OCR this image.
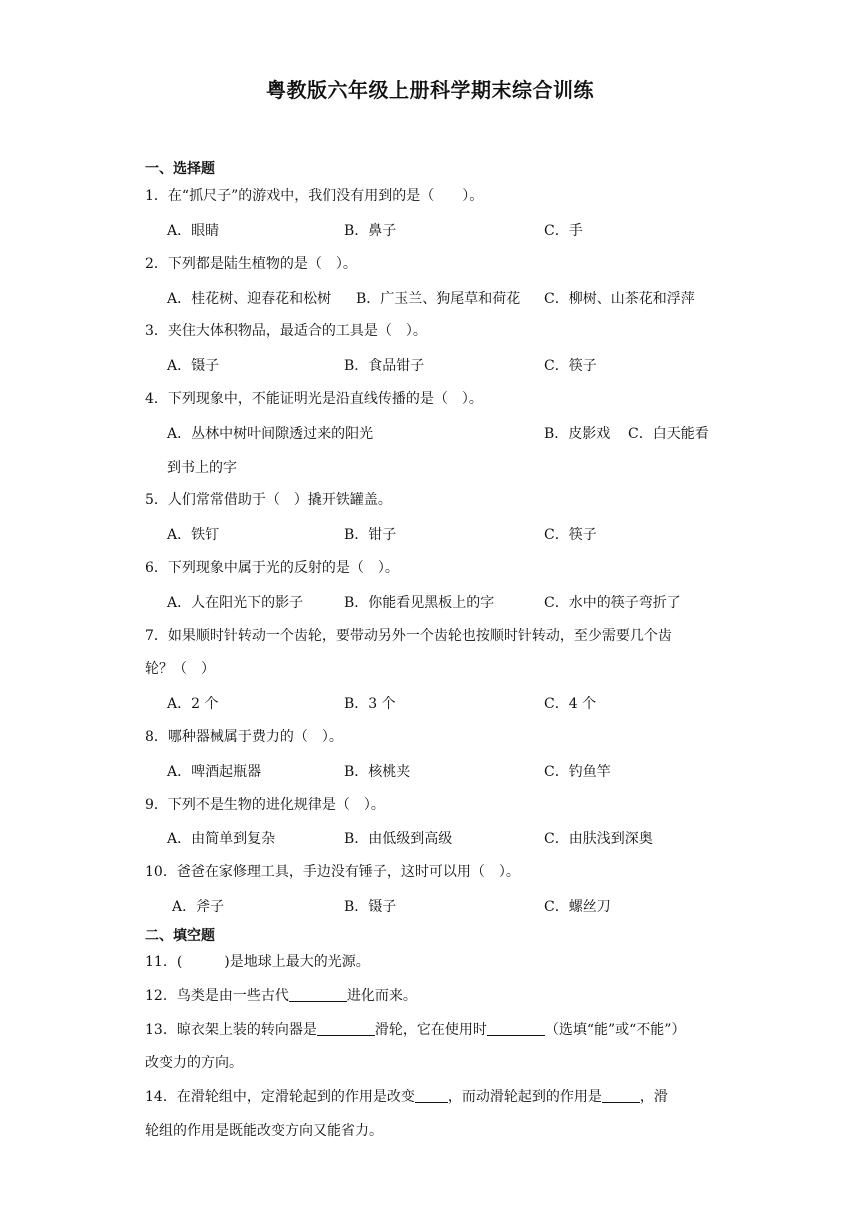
粤教版六年级上册科学期末综合训练
一、选择题
1．在“抓尺子”的游戏中，我们没有用到的是（　　）。
A．眼睛	B．鼻子	C．手
2．下列都是陆生植物的是（　）。
A．桂花树、迎春花和松树 B．广玉兰、狗尾草和荷花 C．柳树、山茶花和浮萍
3．夹住大体积物品，最适合的工具是（　）。
A．镊子	B．食品钳子	C．筷子
4．下列现象中，不能证明光是沿直线传播的是（　）。
A．丛林中树叶间隙透过来的阳光	B．皮影戏 C．白天能看
到书上的字
5．人们常常借助于（　）撬开铁罐盖。
A．铁钉	B．钳子	C．筷子
6．下列现象中属于光的反射的是（　）。
A．人在阳光下的影子	B．你能看见黑板上的字	C．水中的筷子弯折了
7．如果顺时针转动一个齿轮，要带动另外一个齿轮也按顺时针转动，至少需要几个齿
轮？（　）
A．2 个	B．3 个	C．4 个
8．哪种器械属于费力的（　）。
A．啤酒起瓶器	B．核桃夹	C．钓鱼竿
9．下列不是生物的进化规律是（　）。
A．由简单到复杂	B．由低级到高级	C．由肤浅到深奥
10．爸爸在家修理工具，手边没有锤子，这时可以用（　）。
A．斧子	B．镊子	C．螺丝刀
二、填空题
11．(　　　)是地球上最大的光源。
12．鸟类是由一些古代	进化而来。
13．晾衣架上装的转向器是	滑轮，它在使用时	（选填“能”或“不能”）
改变力的方向。
14．在滑轮组中，定滑轮起到的作用是改变 ，而动滑轮起到的作用是	，滑
轮组的作用是既能改变方向又能省力。
